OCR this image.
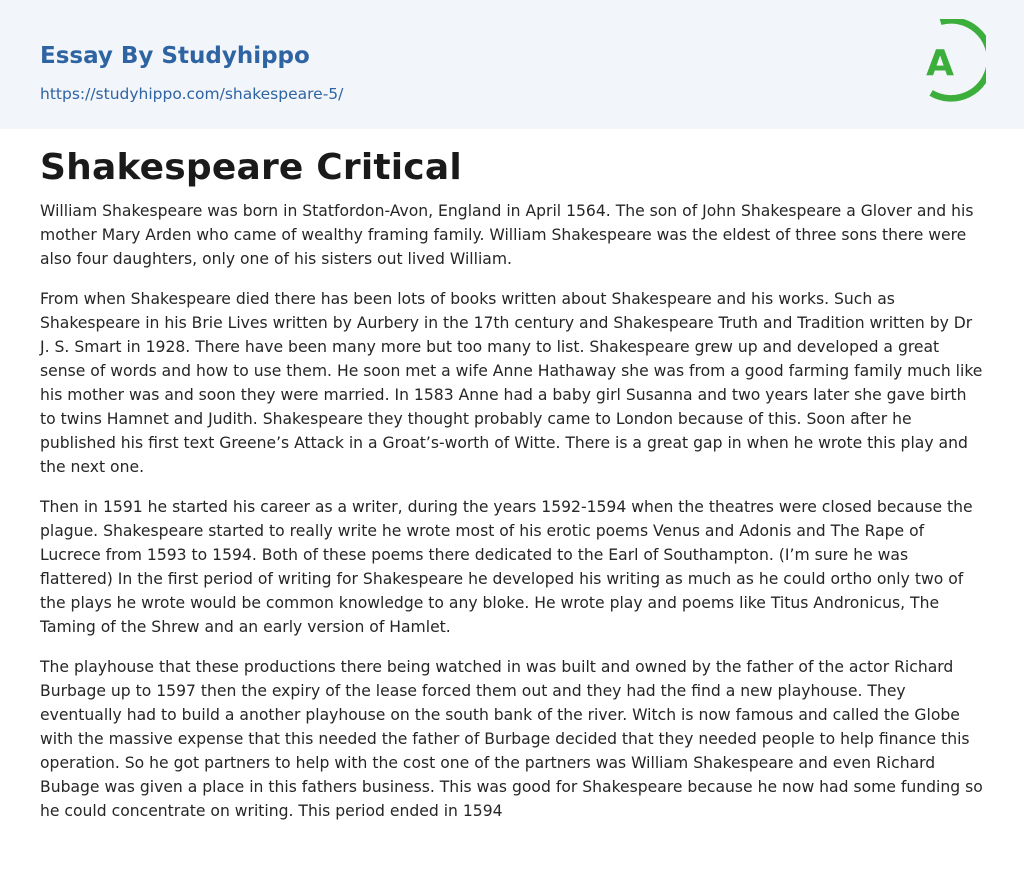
Essay By Studyhippo
https://studyhippo.com/shakespeare-5/
A
Shakespeare Critical

William Shakespeare was born in Statfordon-Avon, England in April 1564. The son of John Shakespeare a Glover and his mother Mary Arden who came of wealthy framing family. William Shakespeare was the eldest of three sons there were also four daughters, only one of his sisters out lived William.

From when Shakespeare died there has been lots of books written about Shakespeare and his works. Such as Shakespeare in his Brie Lives written by Aurbery in the 17th century and Shakespeare Truth and Tradition written by Dr J. S. Smart in 1928. There have been many more but too many to list. Shakespeare grew up and developed a great sense of words and how to use them. He soon met a wife Anne Hathaway she was from a good farming family much like his mother was and soon they were married. In 1583 Anne had a baby girl Susanna and two years later she gave birth to twins Hamnet and Judith. Shakespeare they thought probably came to London because of this. Soon after he published his first text Greene’s Attack in a Groat’s-worth of Witte. There is a great gap in when he wrote this play and the next one.

Then in 1591 he started his career as a writer, during the years 1592-1594 when the theatres were closed because the plague. Shakespeare started to really write he wrote most of his erotic poems Venus and Adonis and The Rape of Lucrece from 1593 to 1594. Both of these poems there dedicated to the Earl of Southampton. (I’m sure he was flattered) In the first period of writing for Shakespeare he developed his writing as much as he could ortho only two of the plays he wrote would be common knowledge to any bloke. He wrote play and poems like Titus Andronicus, The Taming of the Shrew and an early version of Hamlet.

The playhouse that these productions there being watched in was built and owned by the father of the actor Richard Burbage up to 1597 then the expiry of the lease forced them out and they had the find a new playhouse. They eventually had to build a another playhouse on the south bank of the river. Witch is now famous and called the Globe with the massive expense that this needed the father of Burbage decided that they needed people to help finance this operation. So he got partners to help with the cost one of the partners was William Shakespeare and even Richard Bubage was given a place in this fathers business. This was good for Shakespeare because he now had some funding so he could concentrate on writing. This period ended in 1594
